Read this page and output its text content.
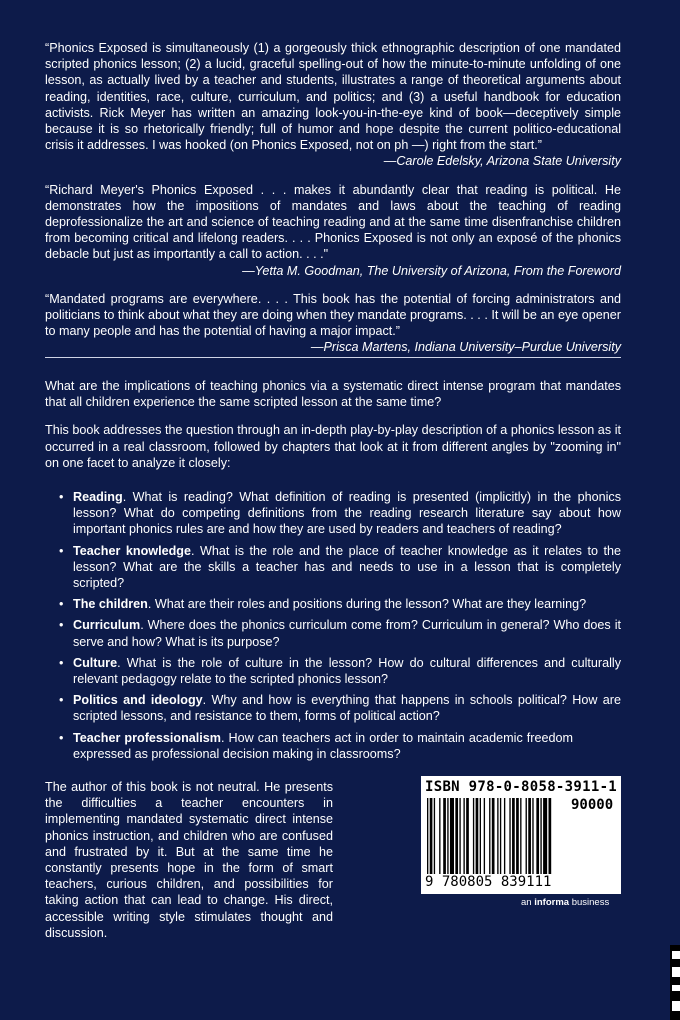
“Phonics Exposed is simultaneously (1) a gorgeously thick ethnographic description of one mandated scripted phonics lesson; (2) a lucid, graceful spelling-out of how the minute-to-minute unfolding of one lesson, as actually lived by a teacher and students, illustrates a range of theoretical arguments about reading, identities, race, culture, curriculum, and politics; and (3) a useful handbook for education activists. Rick Meyer has written an amazing look-you-in-the-eye kind of book—deceptively simple because it is so rhetorically friendly; full of humor and hope despite the current politico-educational crisis it addresses. I was hooked (on Phonics Exposed, not on ph —) right from the start.”

—Carole Edelsky, Arizona State University

“Richard Meyer's Phonics Exposed . . . makes it abundantly clear that reading is political. He demonstrates how the impositions of mandates and laws about the teaching of reading deprofessionalize the art and science of teaching reading and at the same time disenfranchise children from becoming critical and lifelong readers. . . . Phonics Exposed is not only an exposé of the phonics debacle but just as importantly a call to action. . . ."

—Yetta M. Goodman, The University of Arizona, From the Foreword

“Mandated programs are everywhere. . . . This book has the potential of forcing administrators and politicians to think about what they are doing when they mandate programs. . . . It will be an eye opener to many people and has the potential of having a major impact.”

—Prisca Martens, Indiana University–Purdue University

What are the implications of teaching phonics via a systematic direct intense program that mandates that all children experience the same scripted lesson at the same time?

This book addresses the question through an in-depth play-by-play description of a phonics lesson as it occurred in a real classroom, followed by chapters that look at it from different angles by "zooming in" on one facet to analyze it closely:

• Reading. What is reading? What definition of reading is presented (implicitly) in the phonics lesson? What do competing definitions from the reading research literature say about how important phonics rules are and how they are used by readers and teachers of reading?
• Teacher knowledge. What is the role and the place of teacher knowledge as it relates to the lesson? What are the skills a teacher has and needs to use in a lesson that is completely scripted?
• The children. What are their roles and positions during the lesson? What are they learning?
• Curriculum. Where does the phonics curriculum come from? Curriculum in general? Who does it serve and how? What is its purpose?
• Culture. What is the role of culture in the lesson? How do cultural differences and culturally relevant pedagogy relate to the scripted phonics lesson?
• Politics and ideology. Why and how is everything that happens in schools political? How are scripted lessons, and resistance to them, forms of political action?
• Teacher professionalism. How can teachers act in order to maintain academic freedom expressed as professional decision making in classrooms?

The author of this book is not neutral. He presents the difficulties a teacher encounters in implementing mandated systematic direct intense phonics instruction, and children who are confused and frustrated by it. But at the same time he constantly presents hope in the form of smart teachers, curious children, and possibilities for taking action that can lead to change. His direct, accessible writing style stimulates thought and discussion.

ISBN 978-0-8058-3911-1
90000
9 780805 839111
an informa business
